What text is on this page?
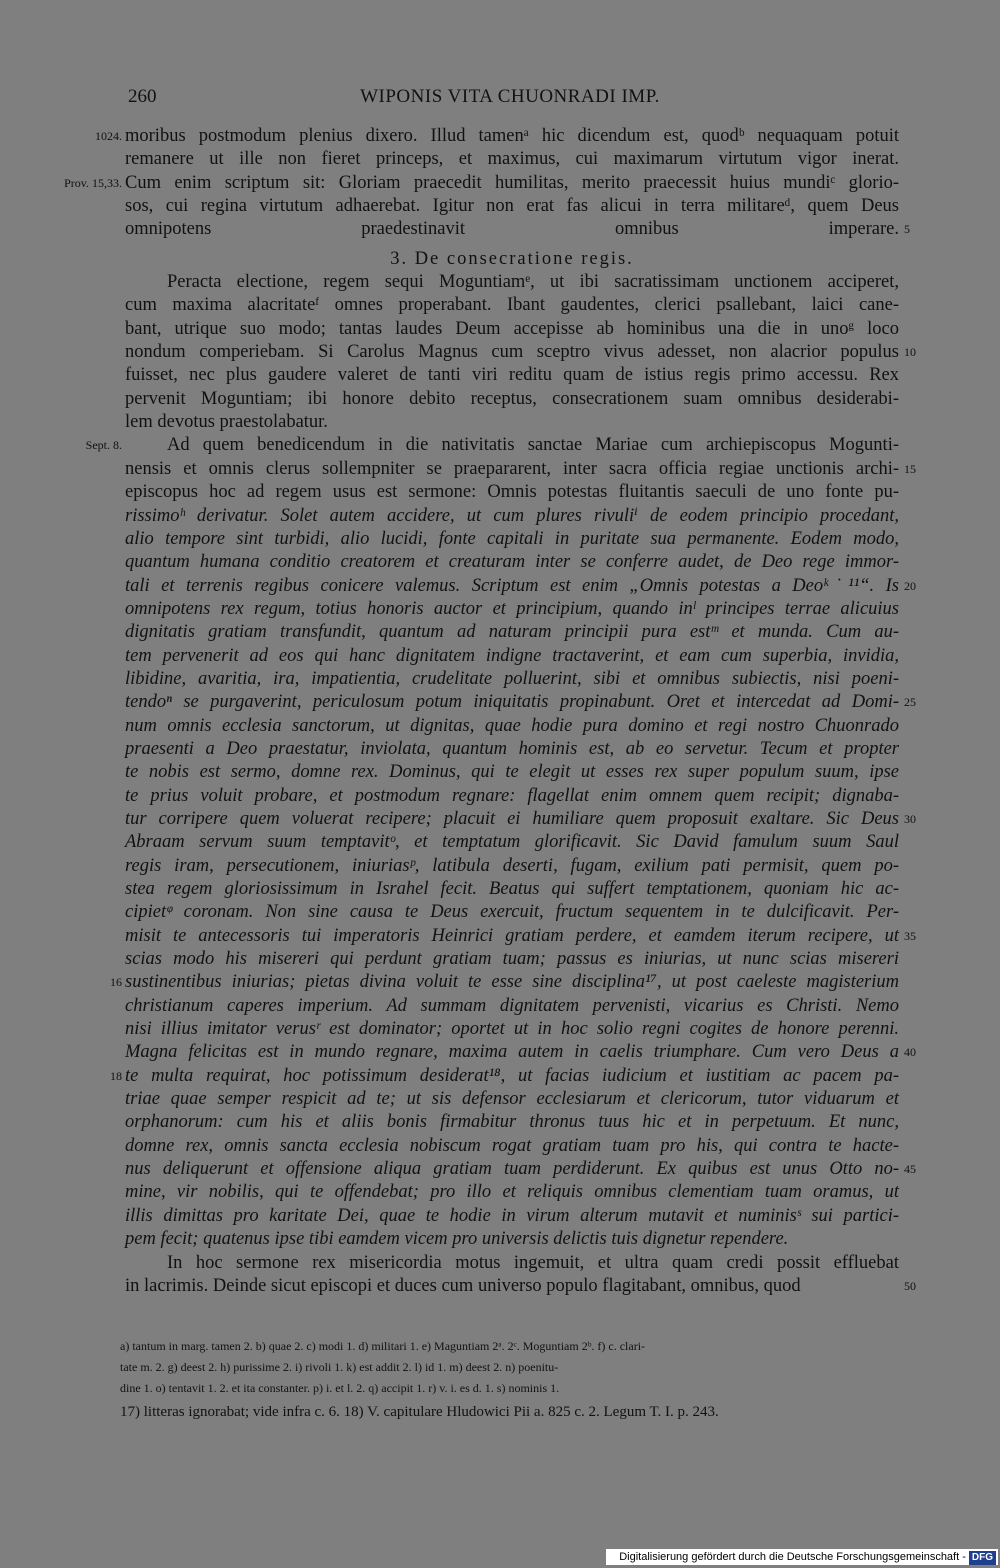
260	WIPONIS VITA CHUONRADI IMP.
1024. moribus postmodum plenius dixero. Illud tamenᵃ hic dicendum est, quodᵇ nequaquam potuit
remanere ut ille non fieret princeps, et maximus, cui maximarum virtutum vigor inerat.
Prov. 15,33. Cum enim scriptum sit: Gloriam praecedit humilitas, merito praecessit huius mundiᶜ glorio-
sos, cui regina virtutum adhaerebat. Igitur non erat fas alicui in terra militareᵈ, quem Deus
omnipotens praedestinavit omnibus imperare. 5
3. De consecratione regis.
Peracta electione, regem sequi Moguntiamᵉ, ut ibi sacratissimam unctionem acciperet,
cum maxima alacritateᶠ omnes properabant. Ibant gaudentes, clerici psallebant, laici cane-
bant, utrique suo modo; tantas laudes Deum accepisse ab hominibus una die in unoᵍ loco
nondum comperiebam. Si Carolus Magnus cum sceptro vivus adesset, non alacrior populus 10
fuisset, nec plus gaudere valeret de tanti viri reditu quam de istius regis primo accessu. Rex
pervenit Moguntiam; ibi honore debito receptus, consecrationem suam omnibus desiderabi-
lem devotus praestolabatur.
Sept. 8. Ad quem benedicendum in die nativitatis sanctae Mariae cum archiepiscopus Mogunti-
nensis et omnis clerus sollempniter se praepararent, inter sacra officia regiae unctionis archi- 15
episcopus hoc ad regem usus est sermone: Omnis potestas fluitantis saeculi de uno fonte pu-
rissimoʰ derivatur. Solet autem accidere, ut cum plures rivuliⁱ de eodem principio procedant,
alio tempore sint turbidi, alio lucidi, fonte capitali in puritate sua permanente. Eodem modo,
quantum humana conditio creatorem et creaturam inter se conferre audet, de Deo rege immor-
tali et terrenis regibus conicere valemus. Scriptum est enim „Omnis potestas a Deoᵏ˙¹¹“. Is 20
omnipotens rex regum, totius honoris auctor et principium, quando inˡ principes terrae alicuius
dignitatis gratiam transfundit, quantum ad naturam principii pura estᵐ et munda. Cum au-
tem pervenerit ad eos qui hanc dignitatem indigne tractaverint, et eam cum superbia, invidia,
libidine, avaritia, ira, impatientia, crudelitate polluerint, sibi et omnibus subiectis, nisi poeni-
tendoⁿ se purgaverint, periculosum potum iniquitatis propinabunt. Oret et intercedat ad Domi- 25
num omnis ecclesia sanctorum, ut dignitas, quae hodie pura domino et regi nostro Chuonrado
praesenti a Deo praestatur, inviolata, quantum hominis est, ab eo servetur. Tecum et propter
te nobis est sermo, domne rex. Dominus, qui te elegit ut esses rex super populum suum, ipse
te prius voluit probare, et postmodum regnare: flagellat enim omnem quem recipit; dignaba-
tur corripere quem voluerat recipere; placuit ei humiliare quem proposuit exaltare. Sic Deus 30
Abraam servum suum temptavitᵒ, et temptatum glorificavit. Sic David famulum suum Saul
regis iram, persecutionem, iniuriasᵖ, latibula deserti, fugam, exilium pati permisit, quem po-
stea regem gloriosissimum in Israhel fecit. Beatus qui suffert temptationem, quoniam hic ac-
cipietᵠ coronam. Non sine causa te Deus exercuit, fructum sequentem in te dulcificavit. Per-
misit te antecessoris tui imperatoris Heinrici gratiam perdere, et eamdem iterum recipere, ut 35
scias modo his misereri qui perdunt gratiam tuam; passus es iniurias, ut nunc scias misereri
16 sustinentibus iniurias; pietas divina voluit te esse sine disciplina¹⁷, ut post caeleste magisterium
christianum caperes imperium. Ad summam dignitatem pervenisti, vicarius es Christi. Nemo
nisi illius imitator verusʳ est dominator; oportet ut in hoc solio regni cogites de honore perenni.
Magna felicitas est in mundo regnare, maxima autem in caelis triumphare. Cum vero Deus a 40
18 te multa requirat, hoc potissimum desiderat¹⁸, ut facias iudicium et iustitiam ac pacem pa-
triae quae semper respicit ad te; ut sis defensor ecclesiarum et clericorum, tutor viduarum et
orphanorum: cum his et aliis bonis firmabitur thronus tuus hic et in perpetuum. Et nunc,
domne rex, omnis sancta ecclesia nobiscum rogat gratiam tuam pro his, qui contra te hacte-
nus deliquerunt et offensione aliqua gratiam tuam perdiderunt. Ex quibus est unus Otto no- 45
mine, vir nobilis, qui te offendebat; pro illo et reliquis omnibus clementiam tuam oramus, ut
illis dimittas pro karitate Dei, quae te hodie in virum alterum mutavit et numinisˢ sui partici-
pem fecit; quatenus ipse tibi eamdem vicem pro universis delictis tuis dignetur rependere.
In hoc sermone rex misericordia motus ingemuit, et ultra quam credi possit effluebat
in lacrimis. Deinde sicut episcopi et duces cum universo populo flagitabant, omnibus, quod	50
a) tantum in marg. tamen 2. b) quae 2. c) modi 1. d) militari 1. e) Maguntiam 2ᵃ. 2ᶜ. Moguntiam 2ᵇ. f) c. clari-
tate m. 2. g) deest 2. h) purissime 2. i) rivoli 1. k) est addit 2. l) id 1. m) deest 2. n) poenitu-
dine 1. o) tentavit 1. 2. et ita constanter. p) i. et l. 2. q) accipit 1. r) v. i. es d. 1. s) nominis 1.
17) litteras ignorabat; vide infra c. 6. 18) V. capitulare Hludowici Pii a. 825 c. 2. Legum T. I. p. 243.
Digitalisierung gefördert durch die Deutsche Forschungsgemeinschaft - DFG
